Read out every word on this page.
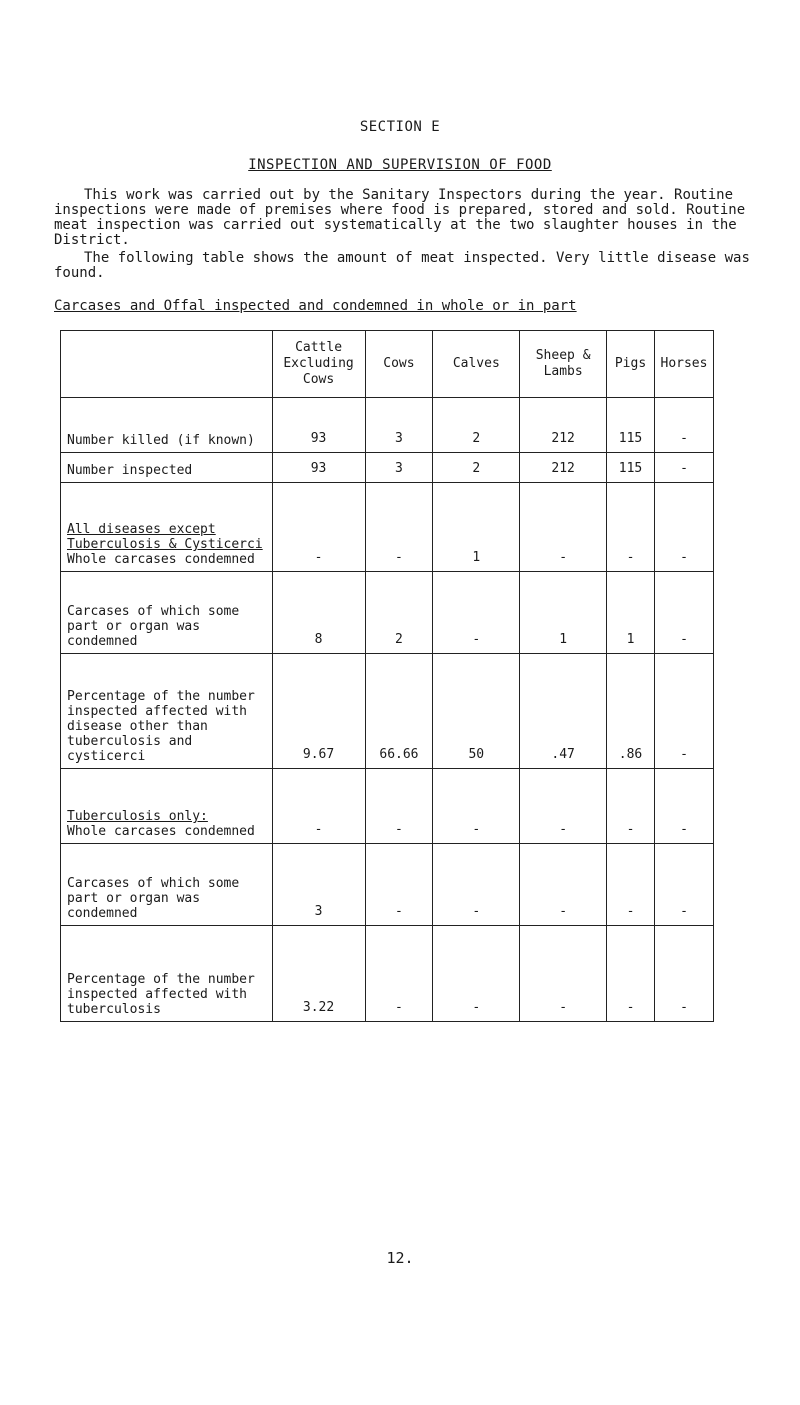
SECTION E
INSPECTION AND SUPERVISION OF FOOD
This work was carried out by the Sanitary Inspectors during the year. Routine inspections were made of premises where food is prepared, stored and sold. Routine meat inspection was carried out systematically at the two slaughter houses in the District.
The following table shows the amount of meat inspected. Very little disease was found.
Carcases and Offal inspected and condemned in whole or in part
	Cattle Excluding Cows	Cows	Calves	Sheep & Lambs	Pigs	Horses
Number killed (if known)	93	3	2	212	115	-
Number inspected	93	3	2	212	115	-

All diseases except Tuberculosis & Cysticerci
Whole carcases condemned	-	-	1	-	-	-
Carcases of which some part or organ was condemned	8	2	-	1	1	-
Percentage of the number inspected affected with disease other than tuberculosis and cysticerci	9.67	66.66	50	.47	.86	-

Tuberculosis only:
Whole carcases condemned	-	-	-	-	-	-
Carcases of which some part or organ was condemned	3	-	-	-	-	-
Percentage of the number inspected affected with tuberculosis	3.22	-	-	-	-	-
12.
